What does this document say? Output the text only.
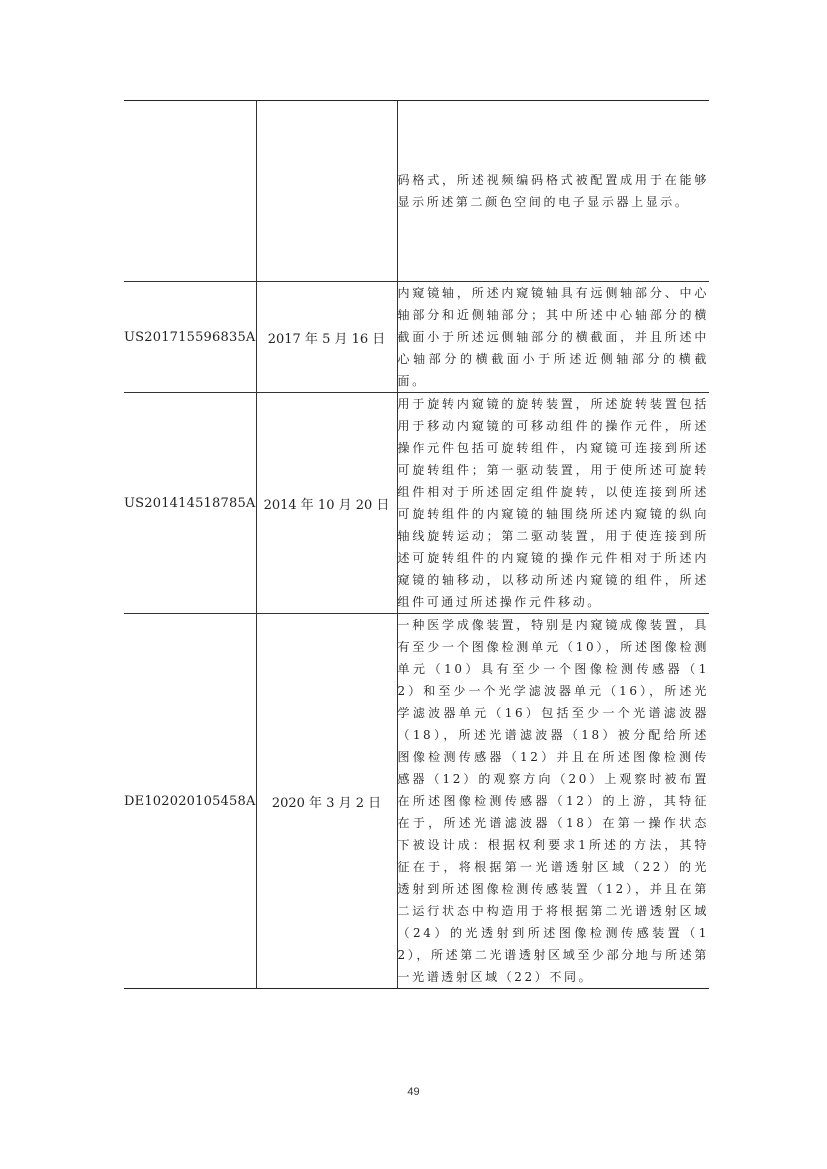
		码格式，所述视频编码格式被配置成用于在能够显示所述第二颜色空间的电子显示器上显示。
US201715596835A	2017 年 5 月 16 日	内窥镜轴，所述内窥镜轴具有远侧轴部分、中心轴部分和近侧轴部分；其中所述中心轴部分的横截面小于所述远侧轴部分的横截面，并且所述中心轴部分的横截面小于所述近侧轴部分的横截面。
US201414518785A	2014 年 10 月 20 日	用于旋转内窥镜的旋转装置，所述旋转装置包括用于移动内窥镜的可移动组件的操作元件，所述操作元件包括可旋转组件，内窥镜可连接到所述可旋转组件；第一驱动装置，用于使所述可旋转组件相对于所述固定组件旋转，以使连接到所述可旋转组件的内窥镜的轴围绕所述内窥镜的纵向轴线旋转运动；第二驱动装置，用于使连接到所述可旋转组件的内窥镜的操作元件相对于所述内窥镜的轴移动，以移动所述内窥镜的组件，所述组件可通过所述操作元件移动。
DE102020105458A	2020 年 3 月 2 日	一种医学成像装置，特别是内窥镜成像装置，具有至少一个图像检测单元（10），所述图像检测单元（10）具有至少一个图像检测传感器（12）和至少一个光学滤波器单元（16），所述光学滤波器单元（16）包括至少一个光谱滤波器（18），所述光谱滤波器（18）被分配给所述图像检测传感器（12）并且在所述图像检测传感器（12）的观察方向（20）上观察时被布置在所述图像检测传感器（12）的上游，其特征在于，所述光谱滤波器（18）在第一操作状态下被设计成：根据权利要求1所述的方法，其特征在于，将根据第一光谱透射区域（22）的光透射到所述图像检测传感装置（12），并且在第二运行状态中构造用于将根据第二光谱透射区域（24）的光透射到所述图像检测传感装置（12），所述第二光谱透射区域至少部分地与所述第一光谱透射区域（22）不同。
49
